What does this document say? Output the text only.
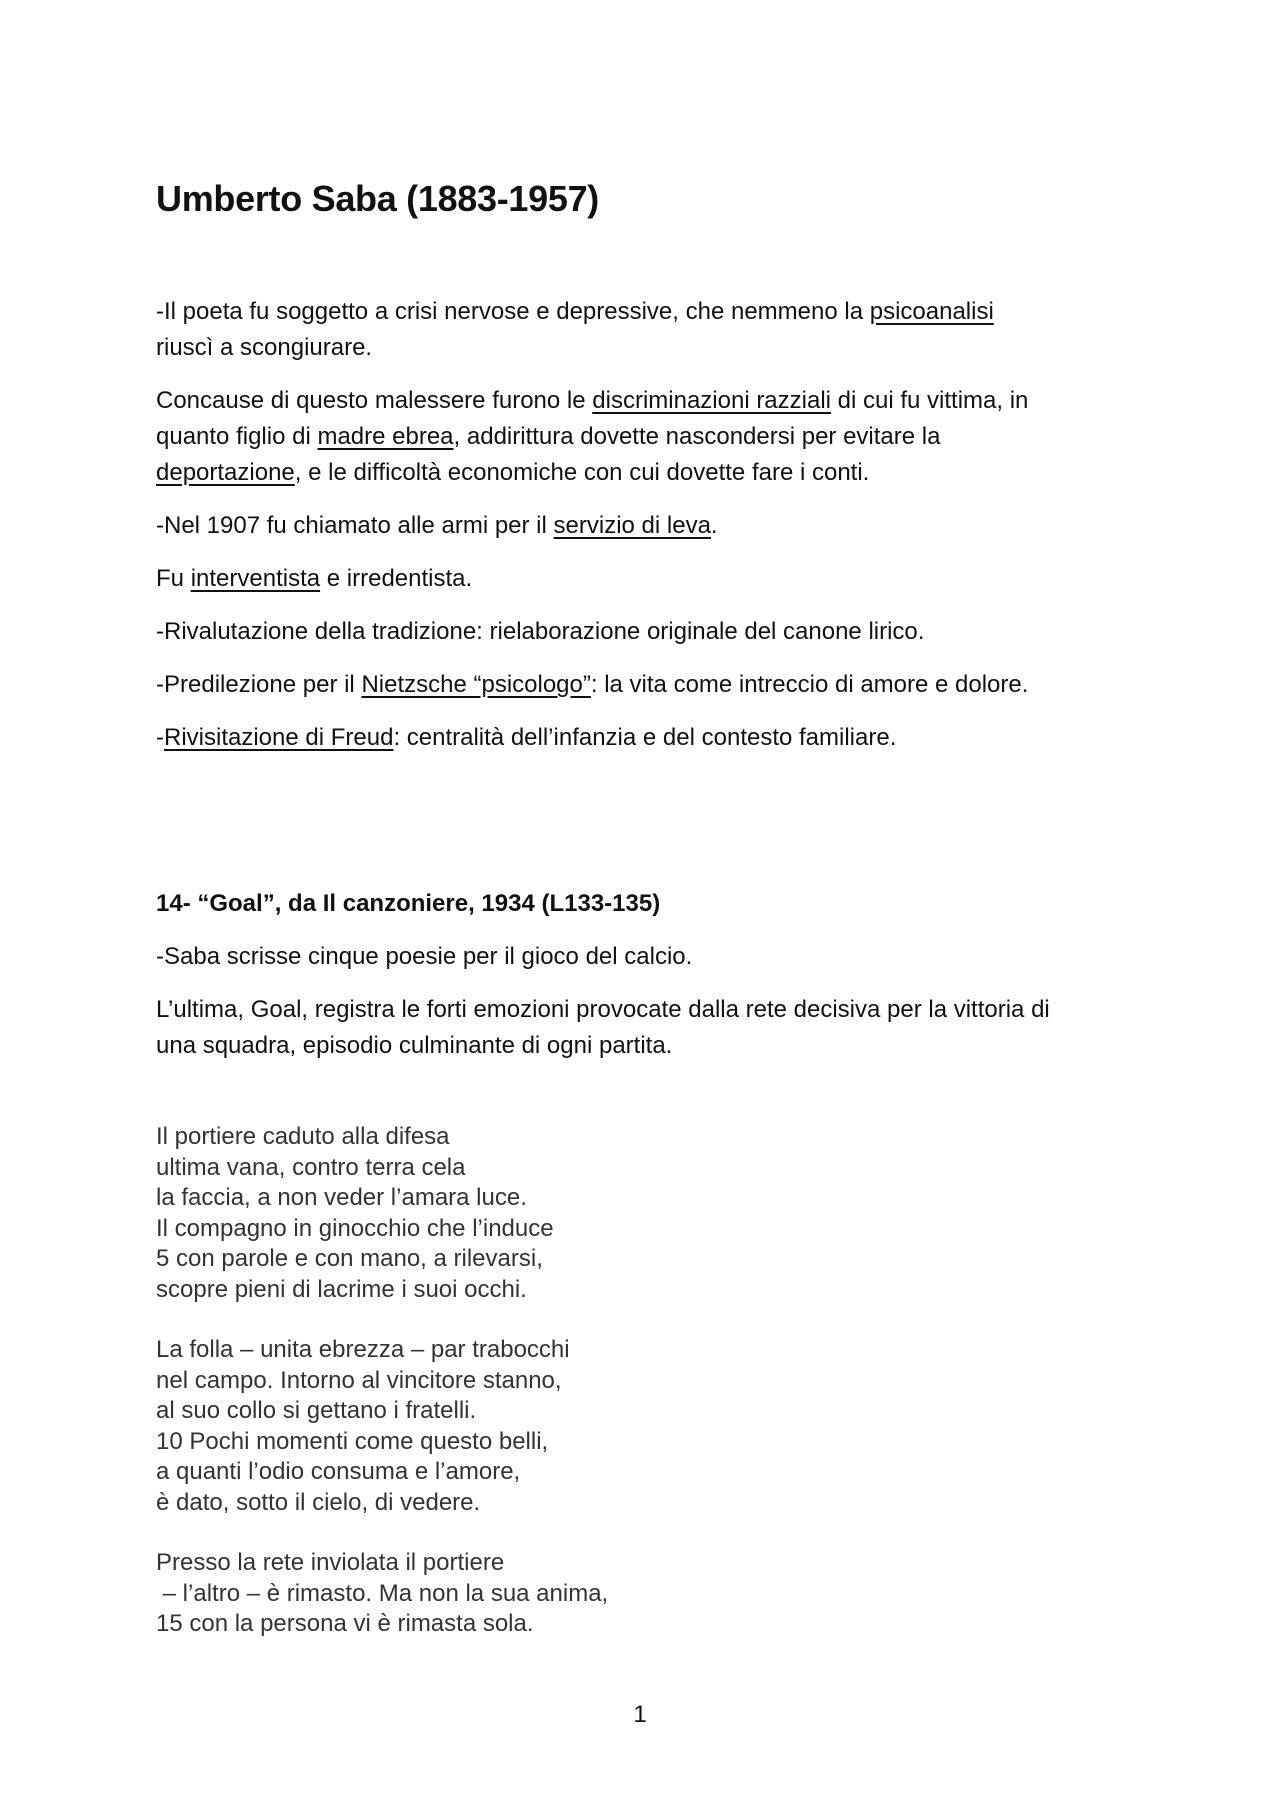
Umberto Saba (1883-1957)

-Il poeta fu soggetto a crisi nervose e depressive, che nemmeno la psicoanalisi
riuscì a scongiurare.

Concause di questo malessere furono le discriminazioni razziali di cui fu vittima, in
quanto figlio di madre ebrea, addirittura dovette nascondersi per evitare la
deportazione, e le difficoltà economiche con cui dovette fare i conti.

-Nel 1907 fu chiamato alle armi per il servizio di leva.

Fu interventista e irredentista.

-Rivalutazione della tradizione: rielaborazione originale del canone lirico.

-Predilezione per il Nietzsche “psicologo”: la vita come intreccio di amore e dolore.

-Rivisitazione di Freud: centralità dell’infanzia e del contesto familiare.

14- “Goal”, da Il canzoniere, 1934 (L133-135)

-Saba scrisse cinque poesie per il gioco del calcio.

L’ultima, Goal, registra le forti emozioni provocate dalla rete decisiva per la vittoria di
una squadra, episodio culminante di ogni partita.

Il portiere caduto alla difesa
ultima vana, contro terra cela
la faccia, a non veder l’amara luce.
Il compagno in ginocchio che l’induce
5 con parole e con mano, a rilevarsi,
scopre pieni di lacrime i suoi occhi.
La folla – unita ebrezza – par trabocchi
nel campo. Intorno al vincitore stanno,
al suo collo si gettano i fratelli.
10 Pochi momenti come questo belli,
a quanti l’odio consuma e l’amore,
è dato, sotto il cielo, di vedere.
Presso la rete inviolata il portiere
– l’altro – è rimasto. Ma non la sua anima,
15 con la persona vi è rimasta sola.
1
